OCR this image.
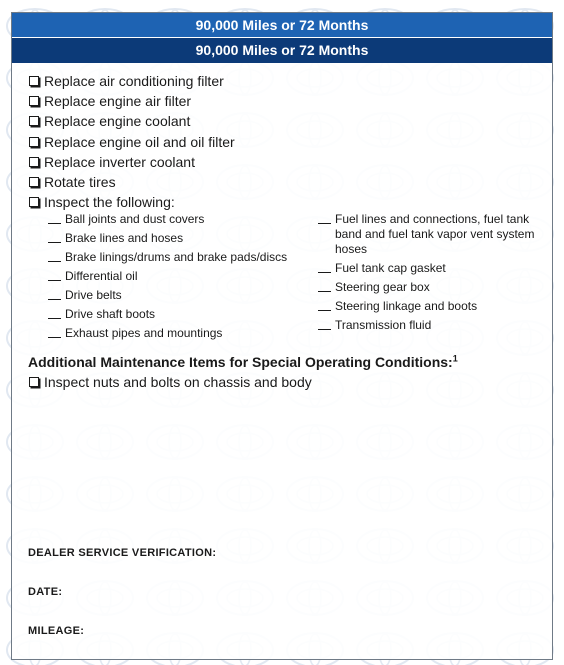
90,000 Miles or 72 Months
90,000 Miles or 72 Months
Replace air conditioning filter
Replace engine air filter
Replace engine coolant
Replace engine oil and oil filter
Replace inverter coolant
Rotate tires
Inspect the following:
Ball joints and dust covers
Brake lines and hoses
Brake linings/drums and brake pads/discs
Differential oil
Drive belts
Drive shaft boots
Exhaust pipes and mountings
Fuel lines and connections, fuel tank band and fuel tank vapor vent system hoses
Fuel tank cap gasket
Steering gear box
Steering linkage and boots
Transmission fluid
Additional Maintenance Items for Special Operating Conditions:$^1$
Inspect nuts and bolts on chassis and body
DEALER SERVICE VERIFICATION:
DATE:
MILEAGE:
